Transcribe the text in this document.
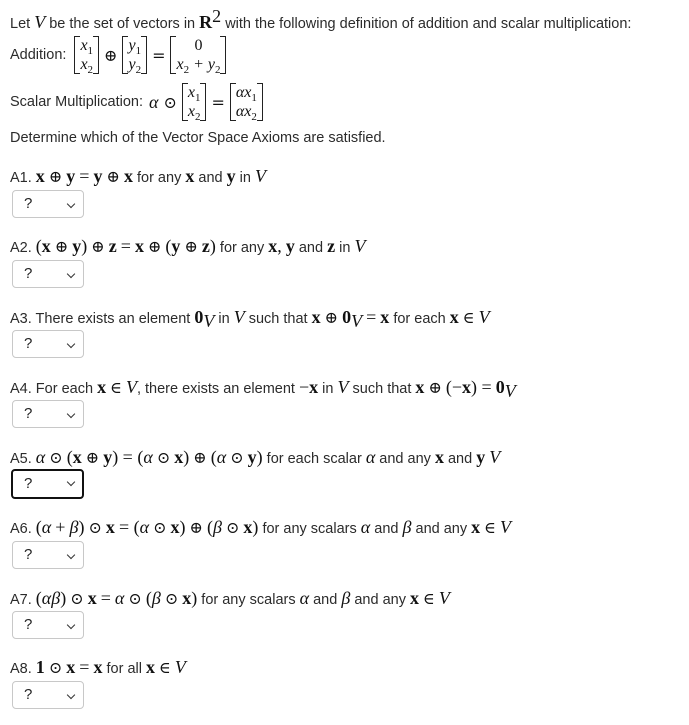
Let V be the set of vectors in $R^2$ with the following definition of addition and scalar multiplication:
Addition:
$x_1$
$x_2$
⊕ $y_1$
$y_2$
=	0
$x_2 + y_2$
Scalar Multiplication: α ⊙ $x_1$
$x_2$
= $\alpha x_1$
$\alpha x_2$
Determine which of the Vector Space Axioms are satisfied.
A1. x ⊕ y = y ⊕ x for any x and y in V
?
A2. (x ⊕ y) ⊕ z = x ⊕ (y ⊕ z) for any x, y and z in V
?
A3. There exists an element $0_V$ in V such that x ⊕ $0_V = x$ for each x ∈ V
?
A4. For each x ∈ V, there exists an element −x in V such that x ⊕ $(-x) = 0_V$
?
A5. α ⊙ (x ⊕ y) = (α ⊙ x) ⊕ (α ⊙ y) for each scalar α and any x and y V
?
A6. (α + β) ⊙ x = (α ⊙ x) ⊕ (β ⊙ x) for any scalars α and β and any x ∈ V
?
A7. (αβ) ⊙ x = α ⊙ (β ⊙ x) for any scalars α and β and any x ∈ V
?
A8. 1 ⊙ x = x for all x ∈ V
?
